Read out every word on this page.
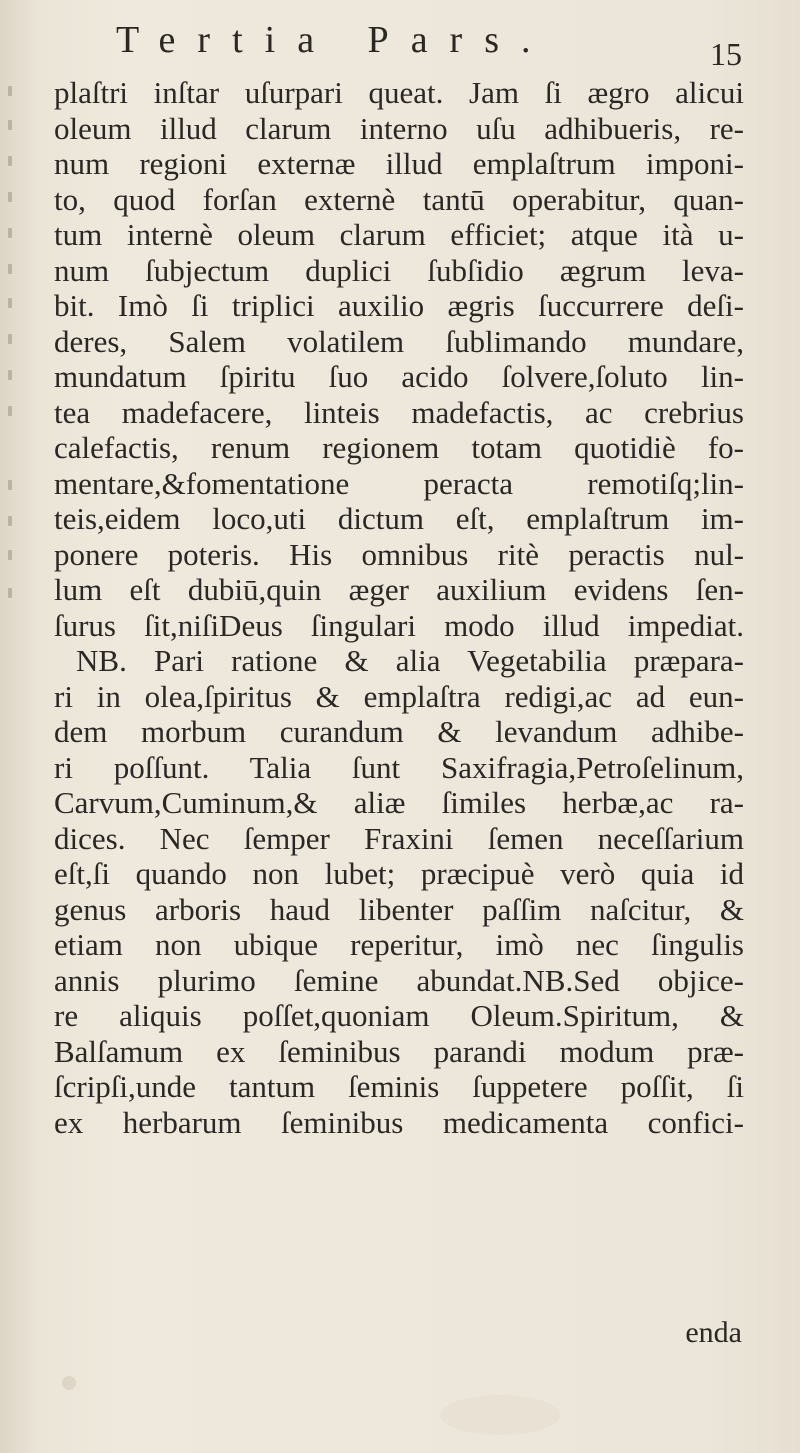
Tertia Pars.	15
plaſtri inſtar uſurpari queat. Jam ſi ægro alicui
oleum illud clarum interno uſu adhibueris, re-
num regioni externæ illud emplaſtrum imponi-
to, quod forſan externè tantū operabitur, quan-
tum internè oleum clarum efficiet; atque ità u-
num ſubjectum duplici ſubſidio ægrum leva-
bit. Imò ſi triplici auxilio ægris ſuccurrere deſi-
deres, Salem volatilem ſublimando mundare,
mundatum ſpiritu ſuo acido ſolvere,ſoluto lin-
tea madefacere, linteis madefactis, ac crebrius
calefactis, renum regionem totam quotidiè fo-
mentare,&fomentatione peracta remotiſq;lin-
teis,eidem loco,uti dictum eſt, emplaſtrum im-
ponere poteris. His omnibus ritè peractis nul-
lum eſt dubiū,quin æger auxilium evidens ſen-
ſurus ſit,niſiDeus ſingulari modo illud impediat.
NB. Pari ratione & alia Vegetabilia præpara-
ri in olea,ſpiritus & emplaſtra redigi,ac ad eun-
dem morbum curandum & levandum adhibe-
ri poſſunt. Talia ſunt Saxifragia,Petroſelinum,
Carvum,Cuminum,& aliæ ſimiles herbæ,ac ra-
dices. Nec ſemper Fraxini ſemen neceſſarium
eſt,ſi quando non lubet; præcipuè verò quia id
genus arboris haud libenter paſſim naſcitur, &
etiam non ubique reperitur, imò nec ſingulis
annis plurimo ſemine abundat.NB.Sed objice-
re aliquis poſſet,quoniam Oleum.Spiritum, &
Balſamum ex ſeminibus parandi modum præ-
ſcripſi,unde tantum ſeminis ſuppetere poſſit, ſi
ex herbarum ſeminibus medicamenta confici-
enda
